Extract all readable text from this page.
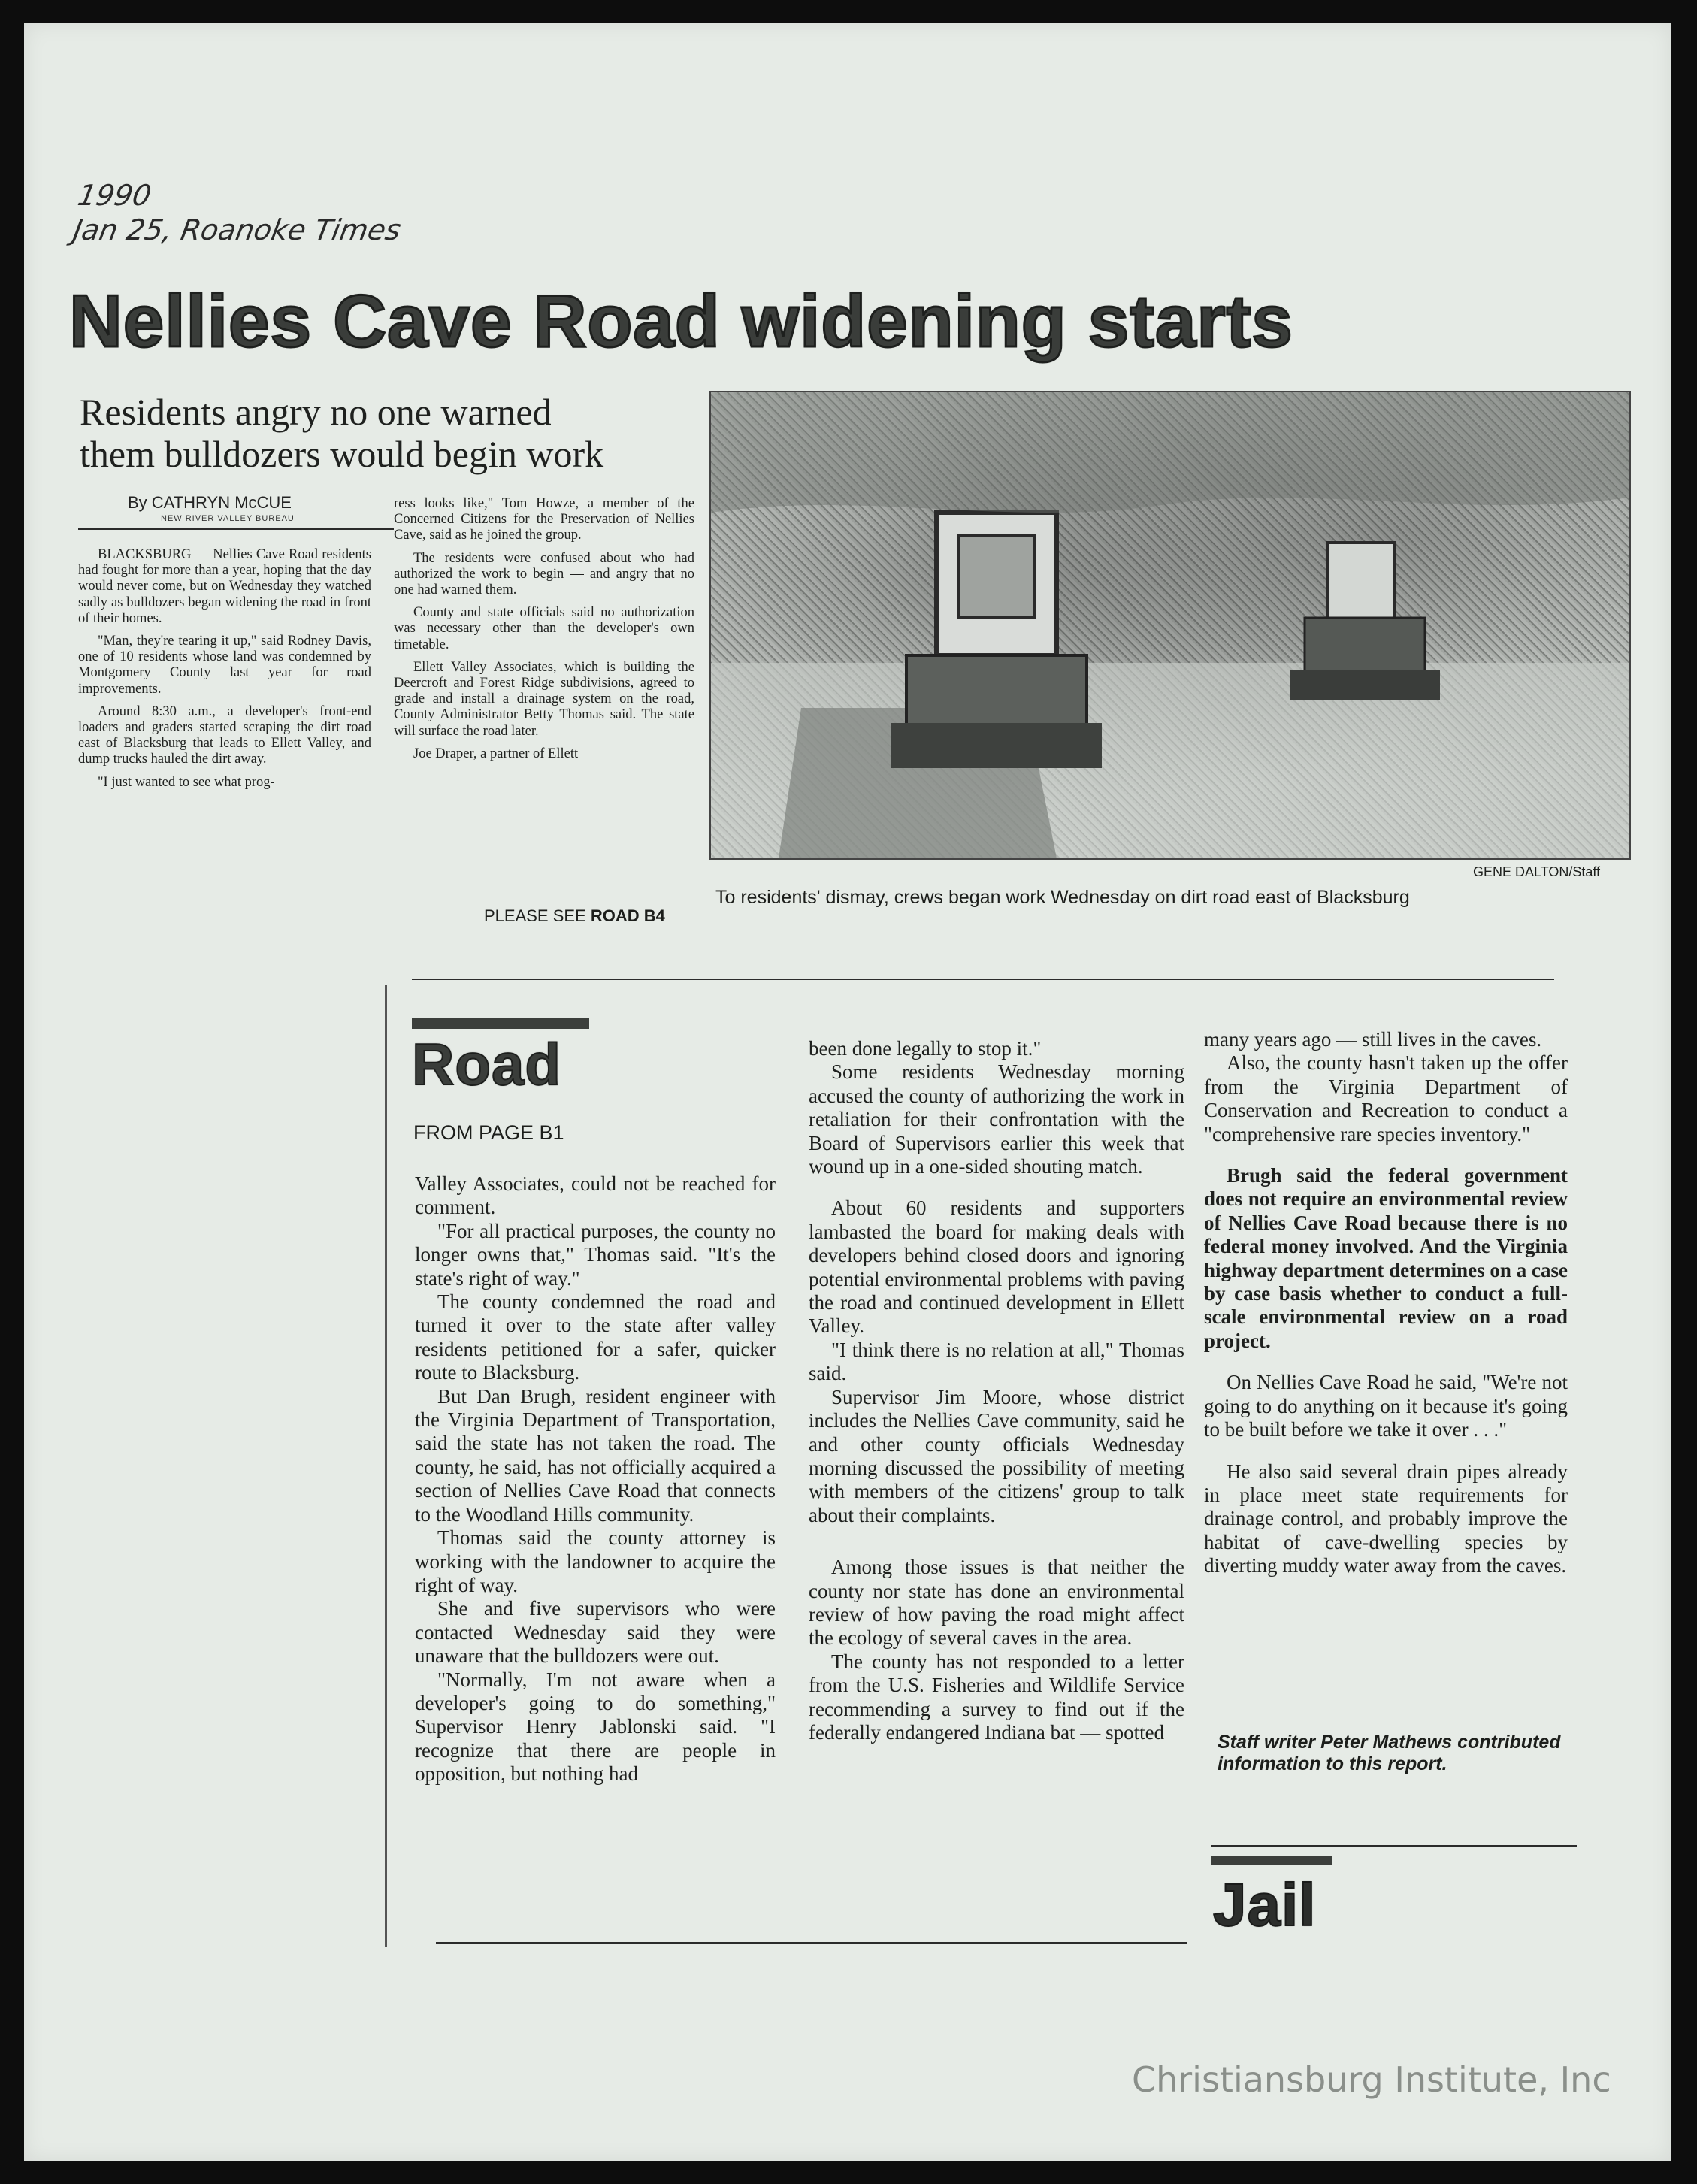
1990
Jan 25, Roanoke Times
Nellies Cave Road widening starts
Residents angry no one warned
them bulldozers would begin work
By CATHRYN McCUE
NEW RIVER VALLEY BUREAU

BLACKSBURG — Nellies Cave Road residents had fought for more than a year, hoping that the day would never come, but on Wednesday they watched sadly as bulldozers began widening the road in front of their homes.

"Man, they're tearing it up," said Rodney Davis, one of 10 residents whose land was condemned by Montgomery County last year for road improvements.

Around 8:30 a.m., a developer's front-end loaders and graders started scraping the dirt road east of Blacksburg that leads to Ellett Valley, and dump trucks hauled the dirt away.

"I just wanted to see what prog-

ress looks like," Tom Howze, a member of the Concerned Citizens for the Preservation of Nellies Cave, said as he joined the group.

The residents were confused about who had authorized the work to begin — and angry that no one had warned them.

County and state officials said no authorization was necessary other than the developer's own timetable.

Ellett Valley Associates, which is building the Deercroft and Forest Ridge subdivisions, agreed to grade and install a drainage system on the road, County Administrator Betty Thomas said. The state will surface the road later.

Joe Draper, a partner of Ellett

PLEASE SEE ROAD B4
GENE DALTON/Staff
To residents' dismay, crews began work Wednesday on dirt road east of Blacksburg
Road
FROM PAGE B1

Valley Associates, could not be reached for comment.

"For all practical purposes, the county no longer owns that," Thomas said. "It's the state's right of way."

The county condemned the road and turned it over to the state after valley residents petitioned for a safer, quicker route to Blacksburg.

But Dan Brugh, resident engineer with the Virginia Department of Transportation, said the state has not taken the road. The county, he said, has not officially acquired a section of Nellies Cave Road that connects to the Woodland Hills community.

Thomas said the county attorney is working with the landowner to acquire the right of way.

She and five supervisors who were contacted Wednesday said they were unaware that the bulldozers were out.

"Normally, I'm not aware when a developer's going to do something," Supervisor Henry Jablonski said. "I recognize that there are people in opposition, but nothing had

been done legally to stop it."

Some residents Wednesday morning accused the county of authorizing the work in retaliation for their confrontation with the Board of Supervisors earlier this week that wound up in a one-sided shouting match.

About 60 residents and supporters lambasted the board for making deals with developers behind closed doors and ignoring potential environmental problems with paving the road and continued development in Ellett Valley.

"I think there is no relation at all," Thomas said.

Supervisor Jim Moore, whose district includes the Nellies Cave community, said he and other county officials Wednesday morning discussed the possibility of meeting with members of the citizens' group to talk about their complaints.

Among those issues is that neither the county nor state has done an environmental review of how paving the road might affect the ecology of several caves in the area.

The county has not responded to a letter from the U.S. Fisheries and Wildlife Service recommending a survey to find out if the federally endangered Indiana bat — spotted

many years ago — still lives in the caves.

Also, the county hasn't taken up the offer from the Virginia Department of Conservation and Recreation to conduct a "comprehensive rare species inventory."

Brugh said the federal government does not require an environmental review of Nellies Cave Road because there is no federal money involved. And the Virginia highway department determines on a case by case basis whether to conduct a full-scale environmental review on a road project.

On Nellies Cave Road he said, "We're not going to do anything on it because it's going to be built before we take it over . . ."

He also said several drain pipes already in place meet state requirements for drainage control, and probably improve the habitat of cave-dwelling species by diverting muddy water away from the caves.

Staff writer Peter Mathews contributed information to this report.
Jail
Christiansburg Institute, Inc
